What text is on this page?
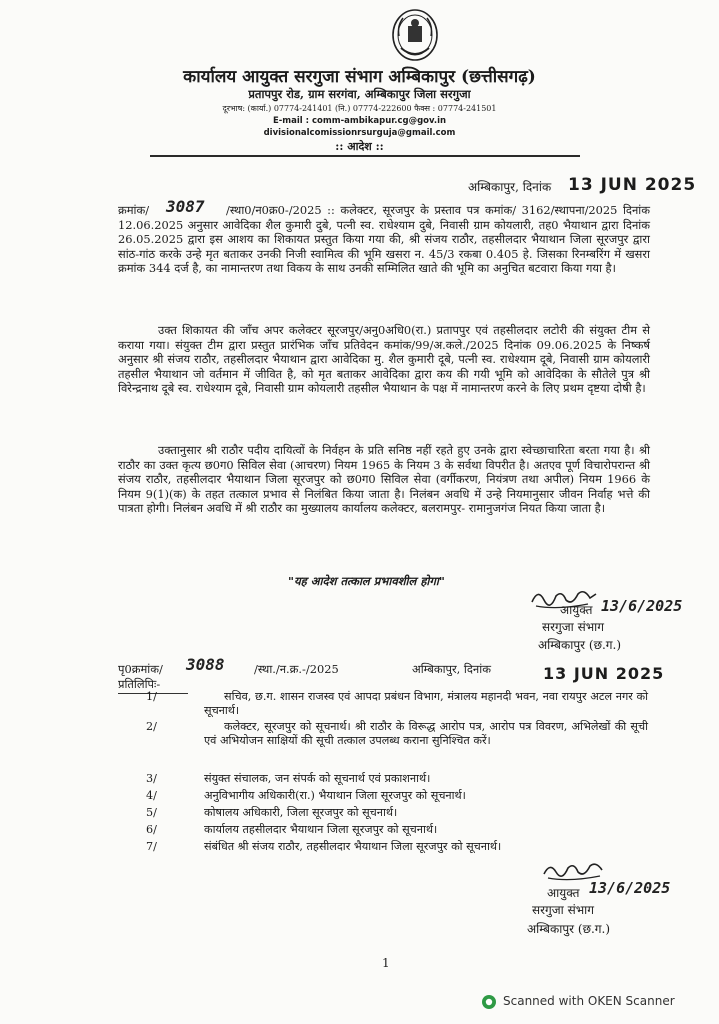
कार्यालय आयुक्त सरगुजा संभाग अम्बिकापुर (छत्तीसगढ़)
प्रतापपुर रोड, ग्राम सरगंवा, अम्बिकापुर जिला सरगुजा
दूरभाष: (कार्या.) 07774-241401 (नि.) 07774-222600 फैक्स : 07774-241501
E-mail : comm-ambikapur.cg@gov.in
divisionalcomissionrsurguja@gmail.com
:: आदेश ::
अम्बिकापुर, दिनांक 13 JUN 2025
क्रमांक/ 3087	/स्था0/न0क्र0-/2025 :: कलेक्टर, सूरजपुर के प्रस्ताव पत्र कमांक/ 3162/स्थापना/2025 दिनांक 12.06.2025 अनुसार आवेदिका शैल कुमारी दुबे, पत्नी स्व. राधेश्याम दुबे, निवासी ग्राम कोयलारी, तह0 भैयाथान द्वारा दिनांक 26.05.2025 द्वारा इस आशय का शिकायत प्रस्तुत किया गया की, श्री संजय राठौर, तहसीलदार भैयाथान जिला सूरजपुर द्वारा सांठ-गांठ करके उन्हे मृत बताकर उनकी निजी स्वामित्व की भूमि खसरा न. 45/3 रकबा 0.405 हे. जिसका रिनम्बरिंग में खसरा क्रमांक 344 दर्ज है, का नामान्तरण तथा विकय के साथ उनकी सम्मिलित खाते की भूमि का अनुचित बटवारा किया गया है।
उक्त शिकायत की जाँच अपर कलेक्टर सूरजपुर/अनु0अधि0(रा.) प्रतापपुर एवं तहसीलदार लटोरी की संयुक्त टीम से कराया गया। संयुक्त टीम द्वारा प्रस्तुत प्रारंभिक जाँच प्रतिवेदन कमांक/99/अ.कले./2025 दिनांक 09.06.2025 के निष्कर्ष अनुसार श्री संजय राठौर, तहसीलदार भैयाथान द्वारा आवेदिका मु. शैल कुमारी दूबे, पत्नी स्व. राधेश्याम दूबे, निवासी ग्राम कोयलारी तहसील भैयाथान जो वर्तमान में जीवित है, को मृत बताकर आवेदिका द्वारा कय की गयी भूमि को आवेदिका के सौतेले पुत्र श्री विरेन्द्रनाथ दूबे स्व. राधेश्याम दूबे, निवासी ग्राम कोयलारी तहसील भैयाथान के पक्ष में नामान्तरण करने के लिए प्रथम दृष्टया दोषी है।
उक्तानुसार श्री राठौर पदीय दायित्वों के निर्वहन के प्रति सनिष्ठ नहीं रहते हुए उनके द्वारा स्वेच्छाचारिता बरता गया है। श्री राठौर का उक्त कृत्य छ0ग0 सिविल सेवा (आचरण) नियम 1965 के नियम 3 के सर्वथा विपरीत है। अतएव पूर्ण विचारोपरान्त श्री संजय राठौर, तहसीलदार भैयाथान जिला सूरजपुर को छ0ग0 सिविल सेवा (वर्गीकरण, नियंत्रण तथा अपील) नियम 1966 के नियम 9(1)(क) के तहत तत्काल प्रभाव से निलंबित किया जाता है। निलंबन अवधि में उन्हे नियमानुसार जीवन निर्वाह भत्ते की पात्रता होगी। निलंबन अवधि में श्री राठौर का मुख्यालय कार्यालय कलेक्टर, बलरामपुर- रामानुजगंज नियत किया जाता है।
"यह आदेश तत्काल प्रभावशील होगा"
आयुक्त 13/6/2025
सरगुजा संभाग
अम्बिकापुर (छ.ग.)
पृ0क्रमांक/ 3088	/स्था./न.क्र.-/2025	अम्बिकापुर, दिनांक	13 JUN 2025
प्रतिलिपिः-
1/	सचिव, छ.ग. शासन राजस्व एवं आपदा प्रबंधन विभाग, मंत्रालय महानदी भवन, नवा रायपुर अटल नगर को सूचनार्थ।
2/	कलेक्टर, सूरजपुर को सूचनार्थ। श्री राठौर के विरूद्ध आरोप पत्र, आरोप पत्र विवरण, अभिलेखों की सूची एवं अभियोजन साक्षियों की सूची तत्काल उपलब्ध कराना सुनिश्चित करें।
3/	संयुक्त संचालक, जन संपर्क को सूचनार्थ एवं प्रकाशनार्थ।
4/	अनुविभागीय अधिकारी(रा.) भैयाथान जिला सूरजपुर को सूचनार्थ।
5/	कोषालय अधिकारी, जिला सूरजपुर को सूचनार्थ।
6/	कार्यालय तहसीलदार भैयाथान जिला सूरजपुर को सूचनार्थ।
7/	संबंधित श्री संजय राठौर, तहसीलदार भैयाथान जिला सूरजपुर को सूचनार्थ।
आयुक्त 13/6/2025
सरगुजा संभाग
अम्बिकापुर (छ.ग.)
1
Scanned with OKEN Scanner
